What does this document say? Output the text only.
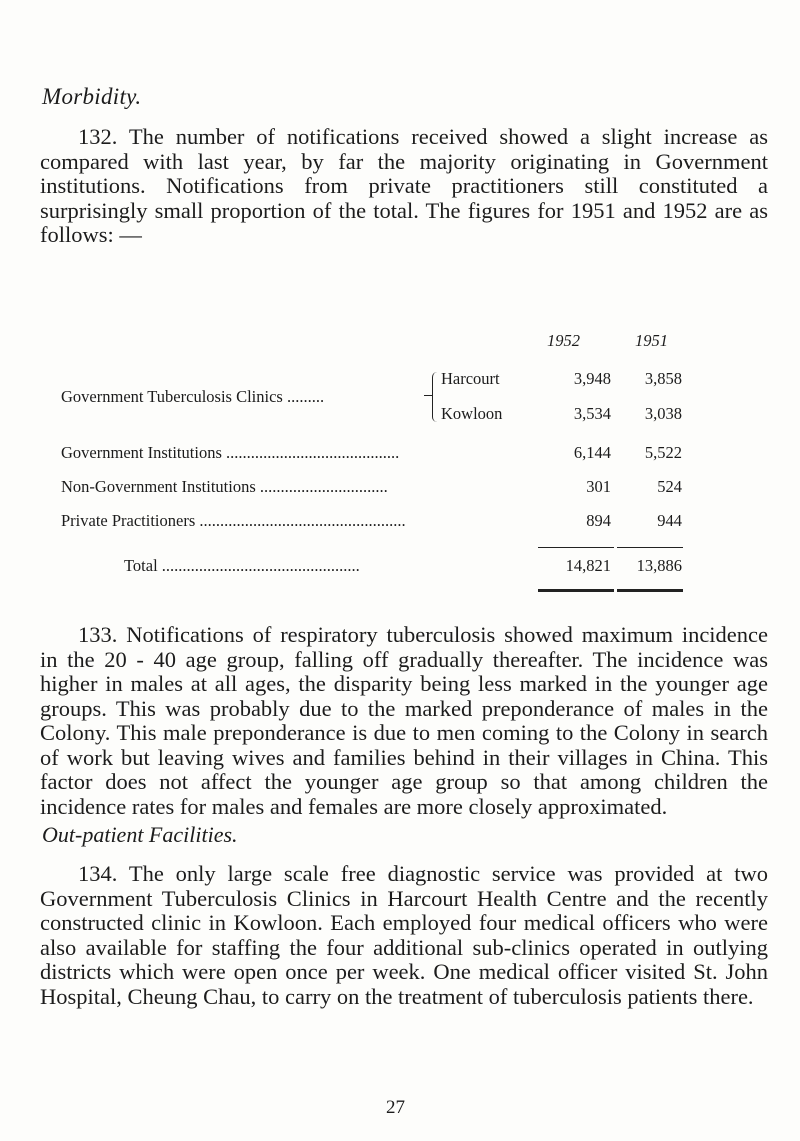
Morbidity.

132. The number of notifications received showed a slight increase as compared with last year, by far the majority originating in Government institutions. Notifications from private practitioners still constituted a surprisingly small proportion of the total. The figures for 1951 and 1952 are as follows: —

1952	1951
Government Tuberculosis Clinics .........
Harcourt	3,948 3,858
Kowloon	3,534 3,038
Government Institutions ..........................................	6,144 5,522
Non-Government Institutions ...............................	301	524
Private Practitioners ..................................................	894	944
Total ................................................	14,821 13,886

133. Notifications of respiratory tuberculosis showed maximum incidence in the 20 - 40 age group, falling off gradually thereafter. The incidence was higher in males at all ages, the disparity being less marked in the younger age groups. This was probably due to the marked preponderance of males in the Colony. This male preponderance is due to men coming to the Colony in search of work but leaving wives and families behind in their villages in China. This factor does not affect the younger age group so that among children the incidence rates for males and females are more closely approximated.

Out-patient Facilities.

134. The only large scale free diagnostic service was provided at two Government Tuberculosis Clinics in Harcourt Health Centre and the recently constructed clinic in Kowloon. Each employed four medical officers who were also available for staffing the four additional sub-clinics operated in outlying districts which were open once per week. One medical officer visited St. John Hospital, Cheung Chau, to carry on the treatment of tuberculosis patients there.

27
